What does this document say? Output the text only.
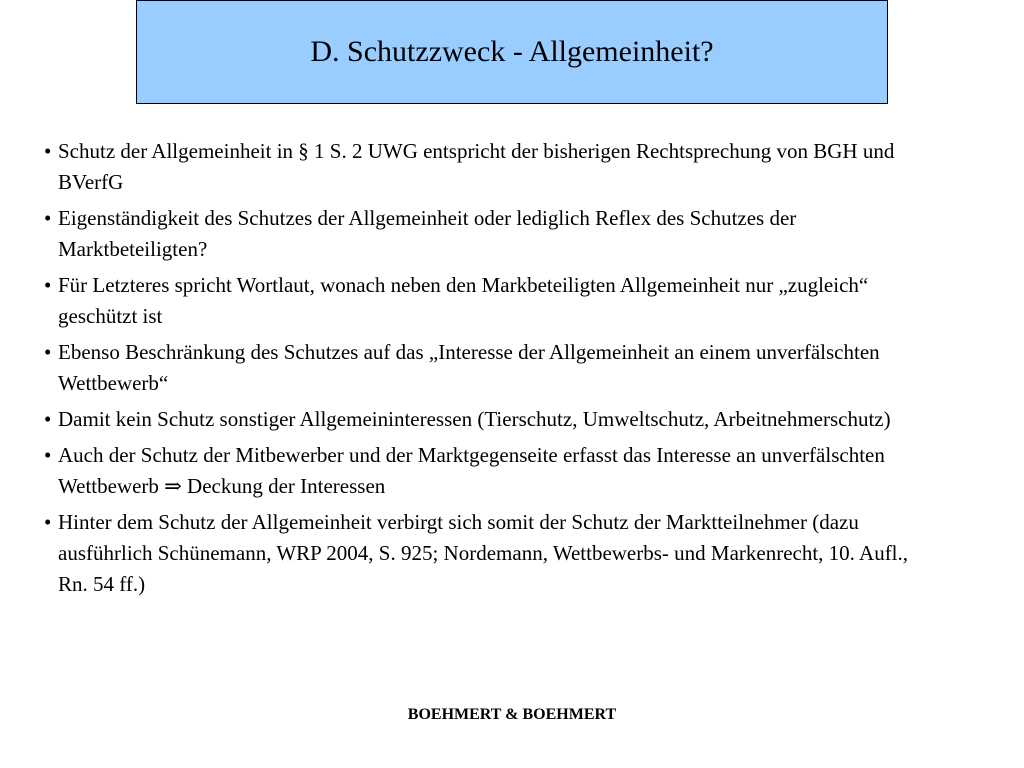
D. Schutzzweck - Allgemeinheit?
• Schutz der Allgemeinheit in § 1 S. 2 UWG entspricht der bisherigen Rechtsprechung von BGH und BVerfG
• Eigenständigkeit des Schutzes der Allgemeinheit oder lediglich Reflex des Schutzes der Marktbeteiligten?
• Für Letzteres spricht Wortlaut, wonach neben den Markbeteiligten Allgemeinheit nur „zugleich“ geschützt ist
• Ebenso Beschränkung des Schutzes auf das „Interesse der Allgemeinheit an einem unverfälschten Wettbewerb“
• Damit kein Schutz sonstiger Allgemeininteressen (Tierschutz, Umweltschutz, Arbeitnehmerschutz)
• Auch der Schutz der Mitbewerber und der Marktgegenseite erfasst das Interesse an unverfälschten Wettbewerb ⇒ Deckung der Interessen
• Hinter dem Schutz der Allgemeinheit verbirgt sich somit der Schutz der Marktteilnehmer (dazu ausführlich Schünemann, WRP 2004, S. 925; Nordemann, Wettbewerbs- und Markenrecht, 10. Aufl., Rn. 54 ff.)
BOEHMERT & BOEHMERT
